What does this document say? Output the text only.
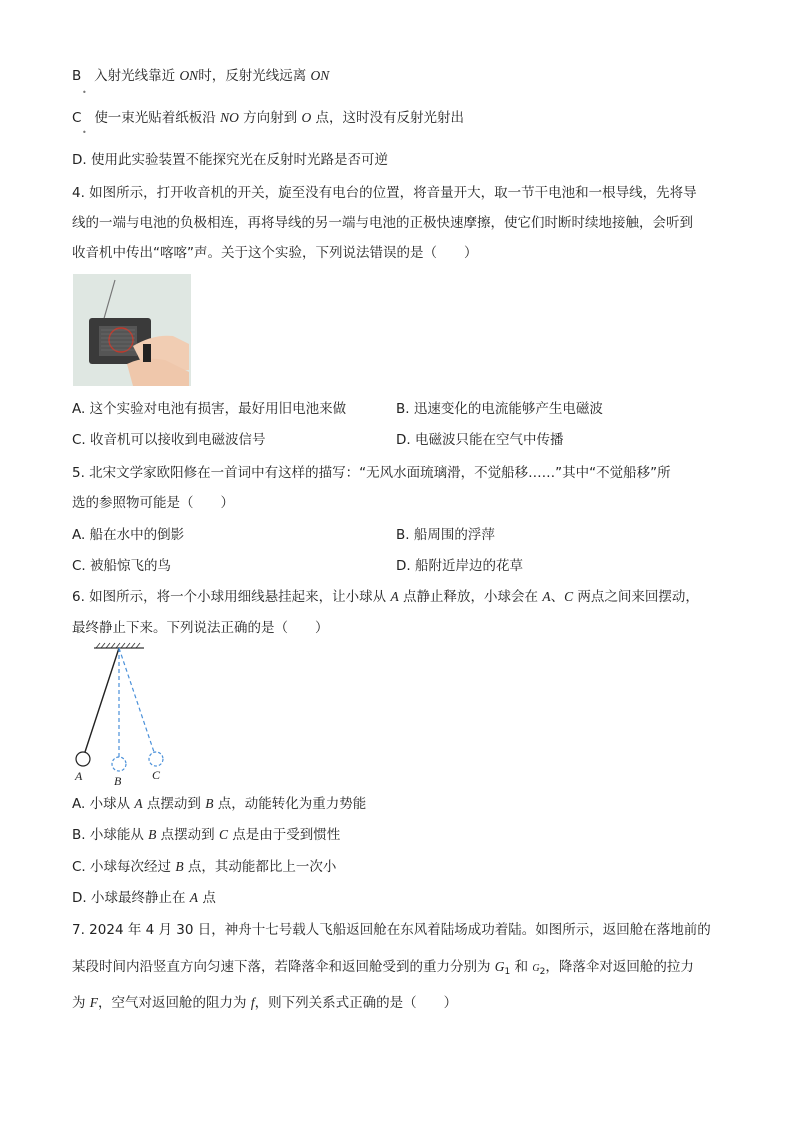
B 入射光线靠近 ON时，反射光线远离 ON
•
C 使一束光贴着纸板沿 NO 方向射到 O 点，这时没有反射光射出
•
D. 使用此实验装置不能探究光在反射时光路是否可逆
4. 如图所示，打开收音机的开关，旋至没有电台的位置，将音量开大，取一节干电池和一根导线，先将导
线的一端与电池的负极相连，再将导线的另一端与电池的正极快速摩擦，使它们时断时续地接触，会听到
收音机中传出“喀喀”声。关于这个实验，下列说法错误的是（　　）
A. 这个实验对电池有损害，最好用旧电池来做	B. 迅速变化的电流能够产生电磁波
C. 收音机可以接收到电磁波信号	D. 电磁波只能在空气中传播
5. 北宋文学家欧阳修在一首词中有这样的描写：“无风水面琉璃滑，不觉船移……”其中“不觉船移”所
选的参照物可能是（　　）
A. 船在水中的倒影	B. 船周围的浮萍
C. 被船惊飞的鸟	D. 船附近岸边的花草
6. 如图所示，将一个小球用细线悬挂起来，让小球从 A 点静止释放，小球会在 A、C 两点之间来回摆动，
最终静止下来。下列说法正确的是（　　）
A	B	C
A. 小球从 A 点摆动到 B 点，动能转化为重力势能
B. 小球能从 B 点摆动到 C 点是由于受到惯性
C. 小球每次经过 B 点，其动能都比上一次小
D. 小球最终静止在 A 点
7. 2024 年 4 月 30 日，神舟十七号载人飞船返回舱在东风着陆场成功着陆。如图所示，返回舱在落地前的
某段时间内沿竖直方向匀速下落，若降落伞和返回舱受到的重力分别为 $G_1$ 和 $G_2$，降落伞对返回舱的拉力
为 F，空气对返回舱的阻力为 f，则下列关系式正确的是（　　）
